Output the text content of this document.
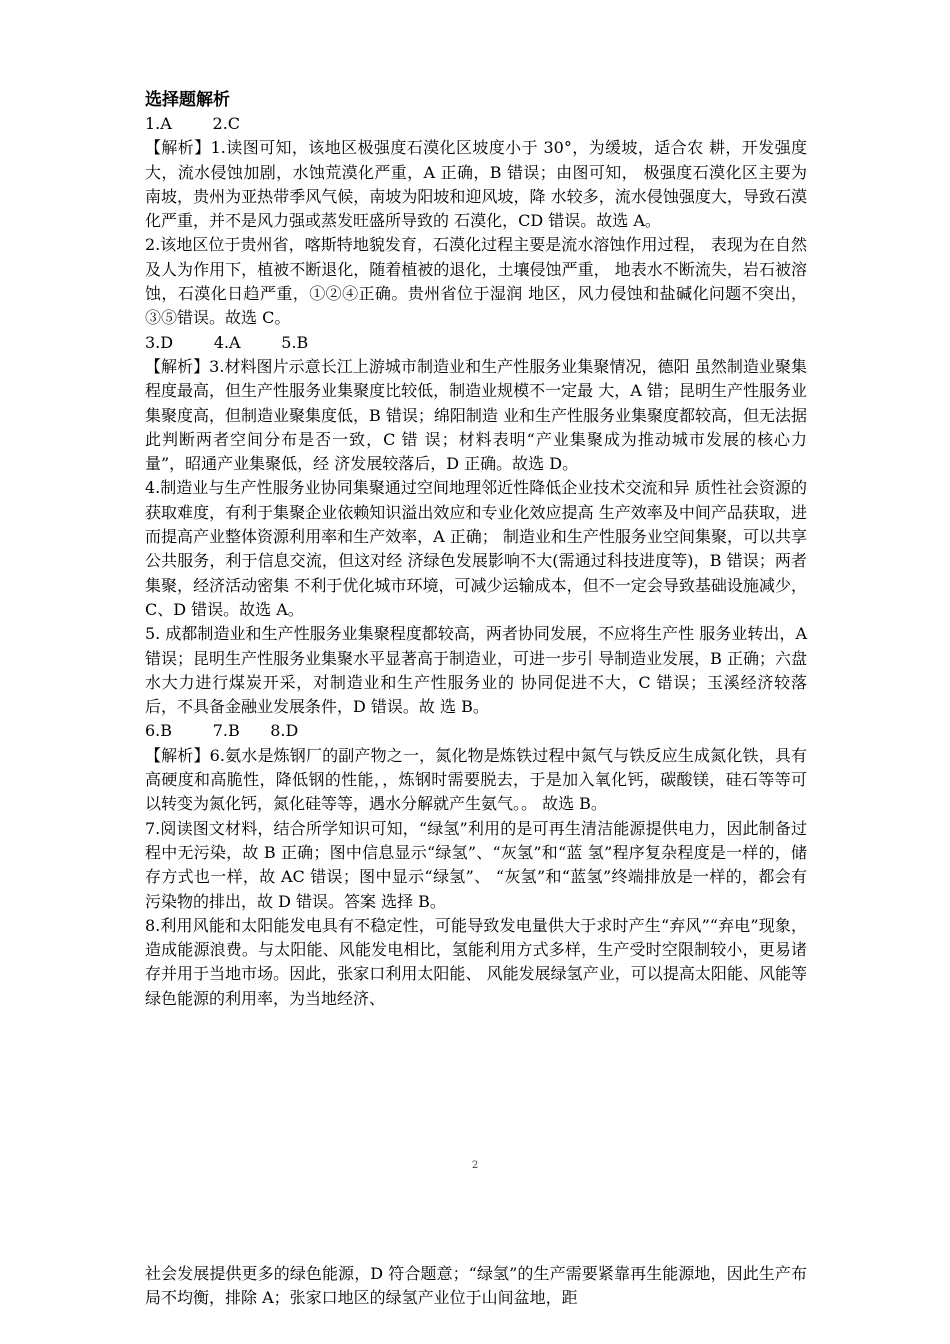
选择题解析

1.A        2.C

【解析】1.读图可知，该地区极强度石漠化区坡度小于 30°，为缓坡，适合农 耕，开发强度大，流水侵蚀加剧，水蚀荒漠化严重，A 正确，B 错误；由图可知， 极强度石漠化区主要为南坡，贵州为亚热带季风气候，南坡为阳坡和迎风坡，降 水较多，流水侵蚀强度大，导致石漠化严重，并不是风力强或蒸发旺盛所导致的 石漠化，CD 错误。故选 A。

2.该地区位于贵州省，喀斯特地貌发育，石漠化过程主要是流水溶蚀作用过程， 表现为在自然及人为作用下，植被不断退化，随着植被的退化，土壤侵蚀严重， 地表水不断流失，岩石被溶蚀，石漠化日趋严重，①②④正确。贵州省位于湿润 地区，风力侵蚀和盐碱化问题不突出，③⑤错误。故选 C。

3.D        4.A        5.B

【解析】3.材料图片示意长江上游城市制造业和生产性服务业集聚情况，德阳 虽然制造业聚集程度最高，但生产性服务业集聚度比较低，制造业规模不一定最 大，A 错；昆明生产性服务业集聚度高，但制造业聚集度低，B 错误；绵阳制造 业和生产性服务业集聚度都较高，但无法据此判断两者空间分布是否一致，C 错 误；材料表明“产业集聚成为推动城市发展的核心力量”，昭通产业集聚低，经 济发展较落后，D 正确。故选 D。

4.制造业与生产性服务业协同集聚通过空间地理邻近性降低企业技术交流和异 质性社会资源的获取难度，有利于集聚企业依赖知识溢出效应和专业化效应提高 生产效率及中间产品获取，进而提高产业整体资源利用率和生产效率，A 正确； 制造业和生产性服务业空间集聚，可以共享公共服务，利于信息交流，但这对经 济绿色发展影响不大(需通过科技进度等)，B 错误；两者集聚，经济活动密集 不利于优化城市环境，可减少运输成本，但不一定会导致基础设施减少，C、D 错误。故选 A。

5. 成都制造业和生产性服务业集聚程度都较高，两者协同发展，不应将生产性 服务业转出，A 错误；昆明生产性服务业集聚水平显著高于制造业，可进一步引 导制造业发展，B 正确；六盘水大力进行煤炭开采，对制造业和生产性服务业的 协同促进不大，C 错误；玉溪经济较落后，不具备金融业发展条件，D 错误。故 选 B。

6.B        7.B      8.D

【解析】6.氨水是炼钢厂的副产物之一，氮化物是炼铁过程中氮气与铁反应生成氮化铁，具有高硬度和高脆性，降低钢的性能，，炼钢时需要脱去，于是加入氧化钙，碳酸镁，硅石等等可以转变为氮化钙，氮化硅等等，遇水分解就产生氨气。。 故选 B。

7.阅读图文材料，结合所学知识可知，“绿氢”利用的是可再生清洁能源提供电力，因此制备过程中无污染，故 B 正确；图中信息显示“绿氢”、“灰氢”和“蓝 氢”程序复杂程度是一样的，储存方式也一样，故 AC 错误；图中显示“绿氢”、 “灰氢”和“蓝氢”终端排放是一样的，都会有污染物的排出，故 D 错误。答案 选择 B。

8.利用风能和太阳能发电具有不稳定性，可能导致发电量供大于求时产生“弃风”“弃电”现象，造成能源浪费。与太阳能、风能发电相比，氢能利用方式多样，生产受时空限制较小，更易诸存并用于当地市场。因此，张家口利用太阳能、 风能发展绿氢产业，可以提高太阳能、风能等绿色能源的利用率，为当地经济、

2

社会发展提供更多的绿色能源，D 符合题意；“绿氢”的生产需要紧靠再生能源地，因此生产布局不均衡，排除 A；张家口地区的绿氢产业位于山间盆地，距
